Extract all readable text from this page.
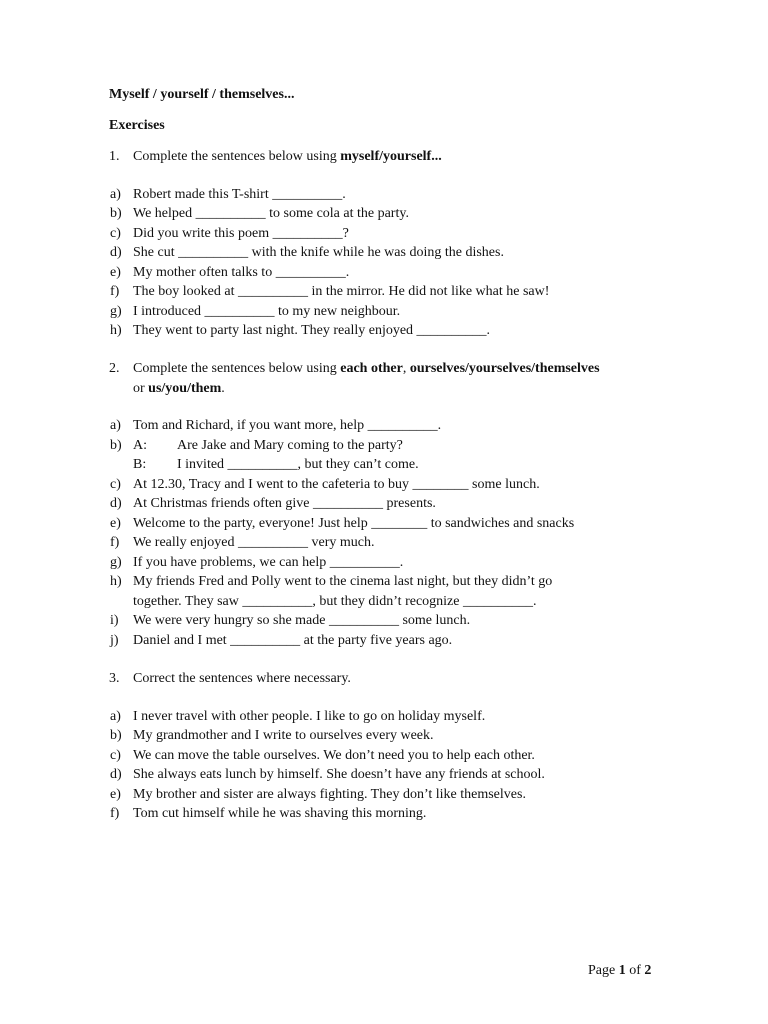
Myself / yourself / themselves...
Exercises
1. Complete the sentences below using myself/yourself...
a) Robert made this T-shirt __________.
b) We helped __________ to some cola at the party.
c) Did you write this poem __________?
d) She cut __________ with the knife while he was doing the dishes.
e) My mother often talks to __________.
f) The boy looked at __________ in the mirror. He did not like what he saw!
g) I introduced __________ to my new neighbour.
h) They went to party last night. They really enjoyed __________.
2. Complete the sentences below using each other, ourselves/yourselves/themselves
or us/you/them.
a) Tom and Richard, if you want more, help __________.
b) A: Are Jake and Mary coming to the party?
B: I invited __________, but they can’t come.
c) At 12.30, Tracy and I went to the cafeteria to buy ________ some lunch.
d) At Christmas friends often give __________ presents.
e) Welcome to the party, everyone! Just help ________ to sandwiches and snacks
f) We really enjoyed __________ very much.
g) If you have problems, we can help __________.
h) My friends Fred and Polly went to the cinema last night, but they didn’t go
together. They saw __________, but they didn’t recognize __________.
i)	We were very hungry so she made __________ some lunch.
j)	Daniel and I met __________ at the party five years ago.
3. Correct the sentences where necessary.
a) I never travel with other people. I like to go on holiday myself.
b) My grandmother and I write to ourselves every week.
c) We can move the table ourselves. We don’t need you to help each other.
d) She always eats lunch by himself. She doesn’t have any friends at school.
e) My brother and sister are always fighting. They don’t like themselves.
f) Tom cut himself while he was shaving this morning.
Page 1 of 2
